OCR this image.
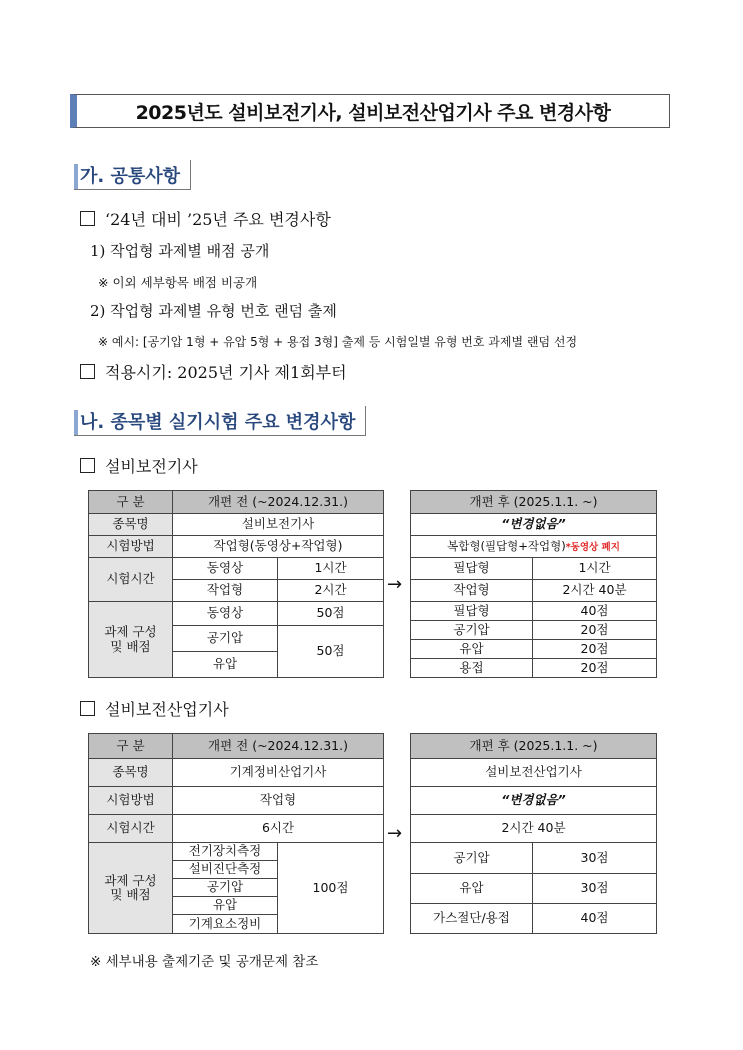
2025년도 설비보전기사, 설비보전산업기사 주요 변경사항
가. 공통사항
‘24년 대비 ’25년 주요 변경사항
1) 작업형 과제별 배점 공개
※ 이외 세부항목 배점 비공개
2) 작업형 과제별 유형 번호 랜덤 출제
※ 예시: [공기압 1형 + 유압 5형 + 용접 3형] 출제 등 시험일별 유형 번호 과제별 랜덤 선정
적용시기: 2025년 기사 제1회부터
나. 종목별 실기시험 주요 변경사항
설비보전기사
구 분	개편 전 (~2024.12.31.)	
종목명	설비보전기사	
시험방법	작업형(동영상+작업형)	
시험시간	동영상	1시간
	작업형	2시간
과제 구성 및 배점	동영상	50점
	공기압	50점
	유압	
→
개편 후 (2025.1.1. ~)	
“변경없음”	
복합형(필답형+작업형)*동영상 폐지	
필답형	1시간
작업형	2시간 40분
필답형	40점
공기압	20점
유압	20점
용접	20점
설비보전산업기사
구 분	개편 전 (~2024.12.31.)	
종목명	기계정비산업기사	
시험방법	작업형	
시험시간	6시간	
과제 구성 및 배점	전기장치측정	100점
	설비진단측정	
	공기압	
	유압	
	기계요소정비	
→
개편 후 (2025.1.1. ~)	
설비보전산업기사	
“변경없음”	
2시간 40분	
공기압	30점
유압	30점
가스절단/용접	40점
※ 세부내용 출제기준 및 공개문제 참조
